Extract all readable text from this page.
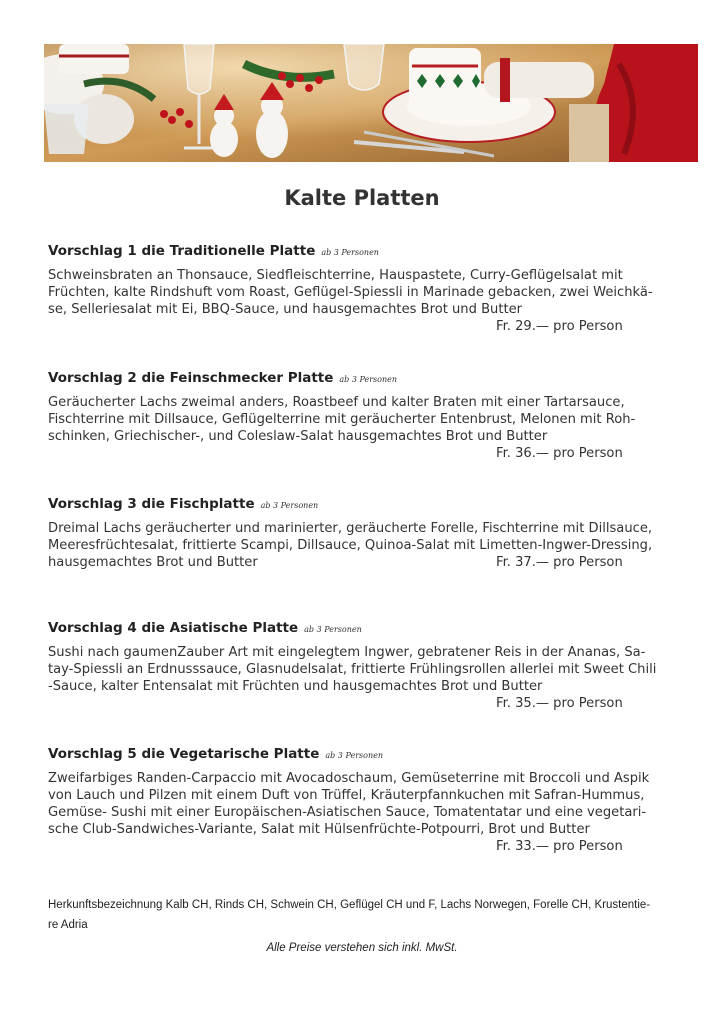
Kalte Platten
Vorschlag 1 die Traditionelle Platte ab 3 Personen
Schweinsbraten an Thonsauce, Siedfleischterrine, Hauspastete, Curry-Geflügelsalat mit
Früchten, kalte Rindshuft vom Roast, Geflügel-Spiessli in Marinade gebacken, zwei Weichkä-
se, Selleriesalat mit Ei, BBQ-Sauce, und hausgemachtes Brot und Butter
Fr. 29.— pro Person
Vorschlag 2 die Feinschmecker Platte ab 3 Personen
Geräucherter Lachs zweimal anders, Roastbeef und kalter Braten mit einer Tartarsauce,
Fischterrine mit Dillsauce, Geflügelterrine mit geräucherter Entenbrust, Melonen mit Roh-
schinken, Griechischer-, und Coleslaw-Salat hausgemachtes Brot und Butter
Fr. 36.— pro Person
Vorschlag 3 die Fischplatte ab 3 Personen
Dreimal Lachs geräucherter und marinierter, geräucherte Forelle, Fischterrine mit Dillsauce,
Meeresfrüchtesalat, frittierte Scampi, Dillsauce, Quinoa-Salat mit Limetten-Ingwer-Dressing,
hausgemachtes Brot und Butter	Fr. 37.— pro Person
Vorschlag 4 die Asiatische Platte ab 3 Personen
Sushi nach gaumenZauber Art mit eingelegtem Ingwer, gebratener Reis in der Ananas, Sa-
tay-Spiessli an Erdnusssauce, Glasnudelsalat, frittierte Frühlingsrollen allerlei mit Sweet Chili
-Sauce, kalter Entensalat mit Früchten und hausgemachtes Brot und Butter
Fr. 35.— pro Person
Vorschlag 5 die Vegetarische Platte ab 3 Personen
Zweifarbiges Randen-Carpaccio mit Avocadoschaum, Gemüseterrine mit Broccoli und Aspik
von Lauch und Pilzen mit einem Duft von Trüffel, Kräuterpfannkuchen mit Safran-Hummus,
Gemüse- Sushi mit einer Europäischen-Asiatischen Sauce, Tomatentatar und eine vegetari-
sche Club-Sandwiches-Variante, Salat mit Hülsenfrüchte-Potpourri, Brot und Butter
Fr. 33.— pro Person
Herkunftsbezeichnung Kalb CH, Rinds CH, Schwein CH, Geflügel CH und F, Lachs Norwegen, Forelle CH, Krustentie-
re Adria
Alle Preise verstehen sich inkl. MwSt.
